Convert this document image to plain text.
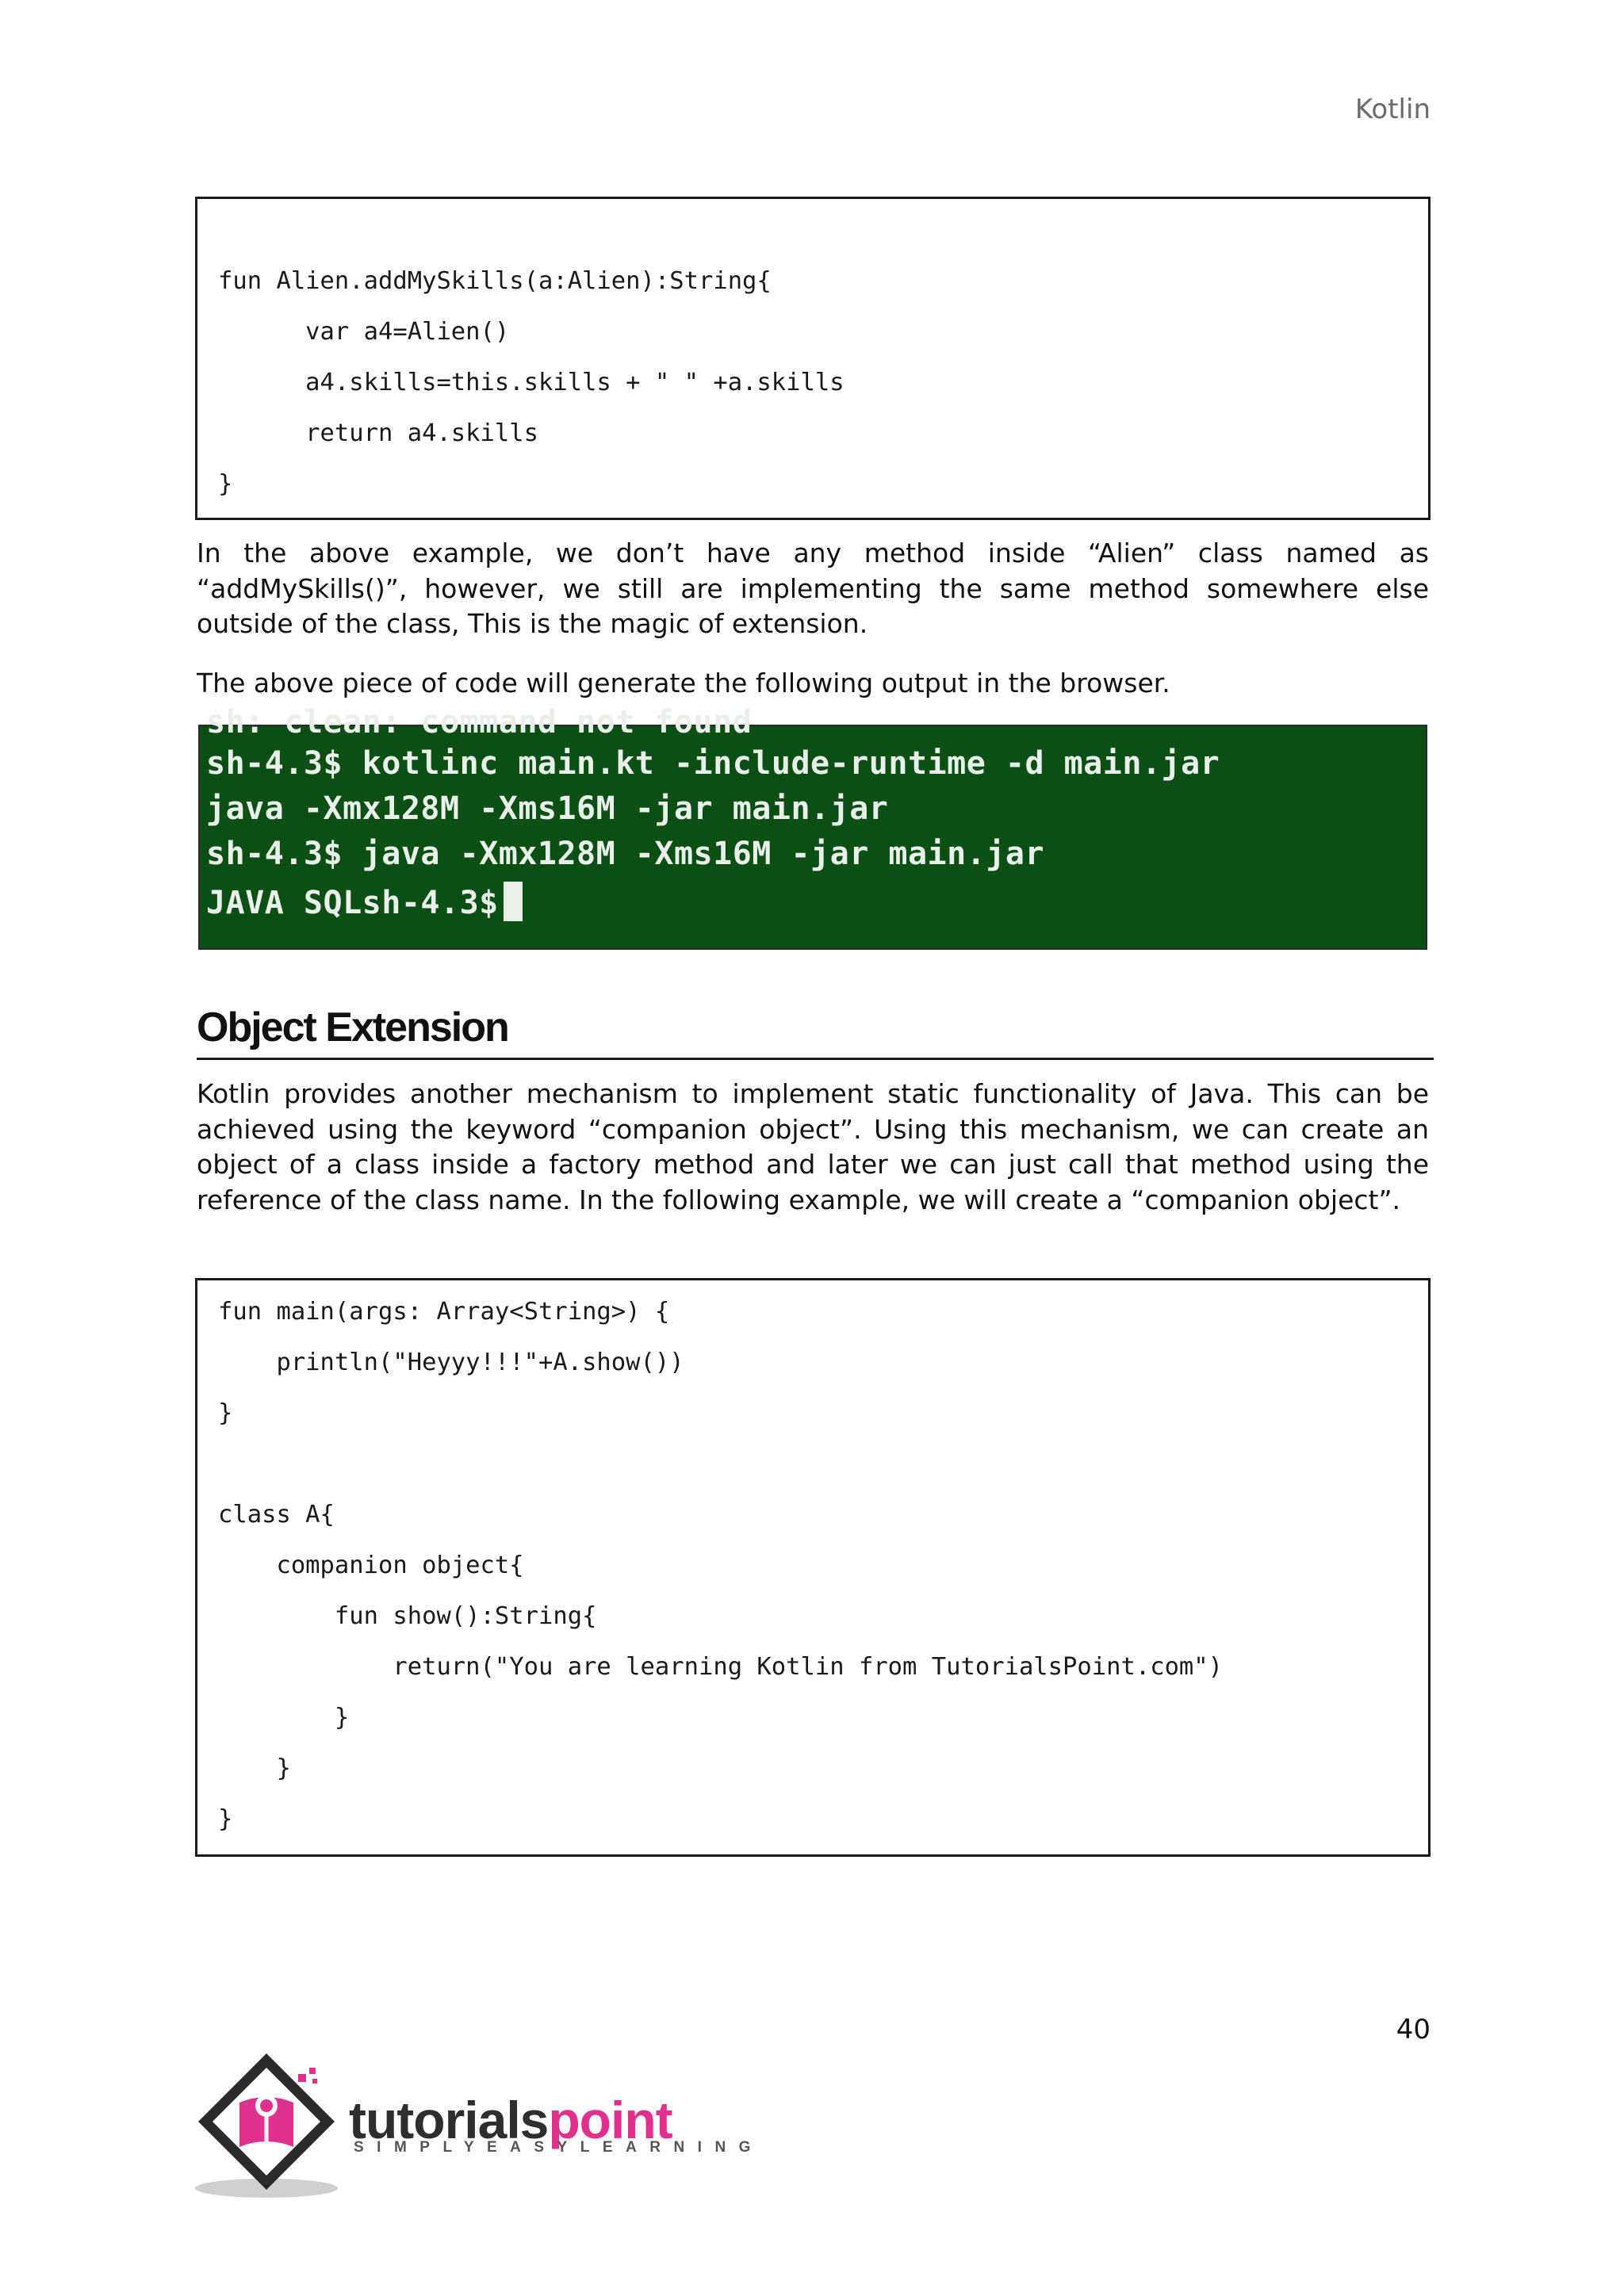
Kotlin
fun Alien.addMySkills(a:Alien):String{
var a4=Alien()
a4.skills=this.skills + " " +a.skills
return a4.skills
}
In the above example, we don’t have any method inside “Alien” class named as “addMySkills()”, however, we still are implementing the same method somewhere else outside of the class, This is the magic of extension.
The above piece of code will generate the following output in the browser.
sh: clean: command not found
sh-4.3$ kotlinc main.kt -include-runtime -d main.jar
java -Xmx128M -Xms16M -jar main.jar
sh-4.3$ java -Xmx128M -Xms16M -jar main.jar
JAVA SQLsh-4.3$
Object Extension
Kotlin provides another mechanism to implement static functionality of Java. This can be achieved using the keyword “companion object”. Using this mechanism, we can create an object of a class inside a factory method and later we can just call that method using the reference of the class name. In the following example, we will create a “companion object”.
fun main(args: Array<String>) {
println("Heyyy!!!"+A.show())
}
class A{
companion object{
fun show():String{
return("You are learning Kotlin from TutorialsPoint.com")
}
}
}
40
tutorialspoint
SIMPLYEASYLEARNING
